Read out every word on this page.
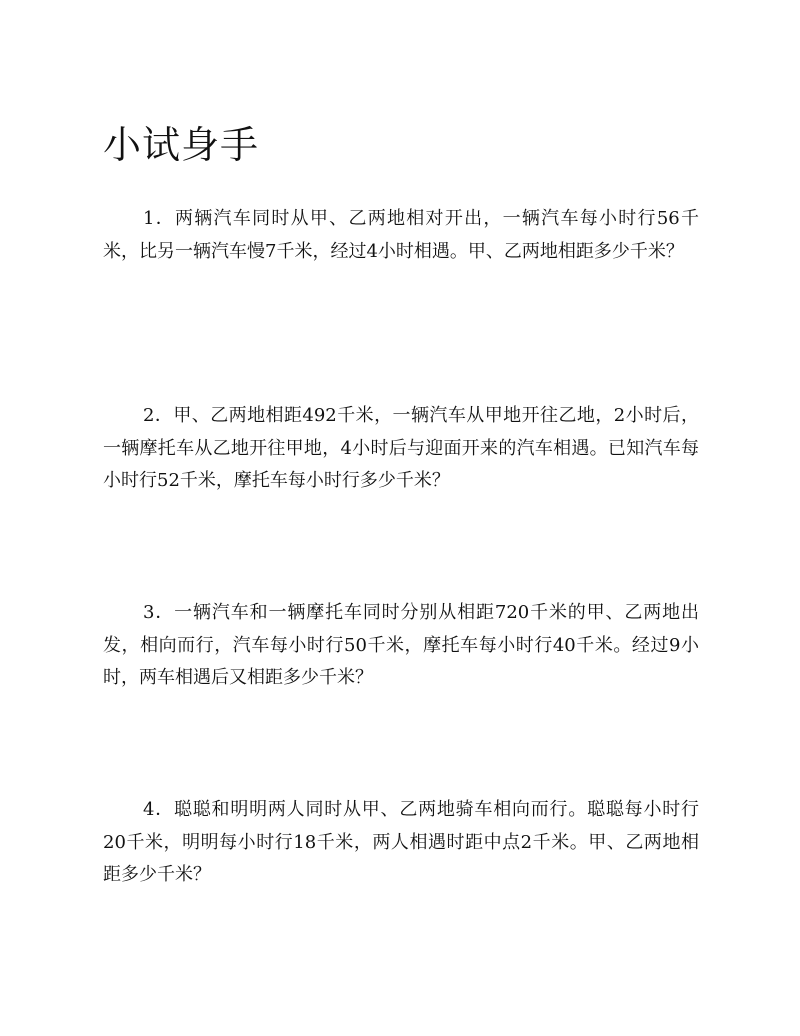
小试身手

1．两辆汽车同时从甲、乙两地相对开出，一辆汽车每小时行56千米，比另一辆汽车慢7千米，经过4小时相遇。甲、乙两地相距多少千米？

2．甲、乙两地相距492千米，一辆汽车从甲地开往乙地，2小时后，一辆摩托车从乙地开往甲地，4小时后与迎面开来的汽车相遇。已知汽车每小时行52千米，摩托车每小时行多少千米？

3．一辆汽车和一辆摩托车同时分别从相距720千米的甲、乙两地出发，相向而行，汽车每小时行50千米，摩托车每小时行40千米。经过9小时，两车相遇后又相距多少千米？

4．聪聪和明明两人同时从甲、乙两地骑车相向而行。聪聪每小时行20千米，明明每小时行18千米，两人相遇时距中点2千米。甲、乙两地相距多少千米？
